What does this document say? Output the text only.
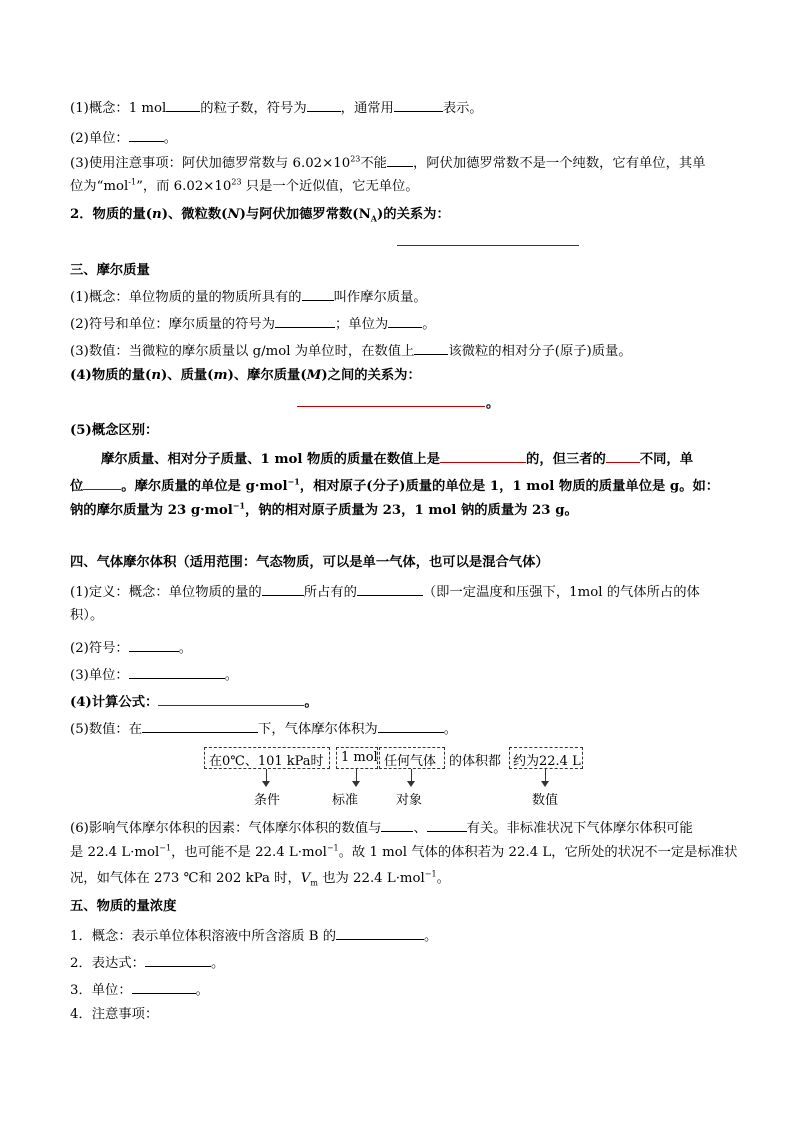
(1)概念：1 mol	的粒子数，符号为	，通常用	表示。
(2)单位：	。
(3)使用注意事项：阿伏加德罗常数与 $6.02\times 10^{23}$不能 ，阿伏加德罗常数不是一个纯数，它有单位，其单
位为“mol$^{-1}$”，而 $6.02\times 10^{23}$ 只是一个近似值，它无单位。
2．物质的量(n)、微粒数(N)与阿伏加德罗常数$(N_A)$的关系为：
三、摩尔质量
(1)概念：单位物质的量的物质所具有的 叫作摩尔质量。
(2)符号和单位：摩尔质量的符号为	；单位为	。
(3)数值：当微粒的摩尔质量以 g/mol 为单位时，在数值上	该微粒的相对分子(原子)质量。
(4)物质的量(n)、质量(m)、摩尔质量(M)之间的关系为：
。
(5)概念区别：
摩尔质量、相对分子质量、1 mol 物质的质量在数值上是	的，但三者的	不同，单
位	。摩尔质量的单位是 g·mol$^{-1}$，相对原子(分子)质量的单位是 1，1 mol 物质的质量单位是 g。如：
钠的摩尔质量为 23 g·mol$^{-1}$，钠的相对原子质量为 23，1 mol 钠的质量为 23 g。
四、气体摩尔体积（适用范围：气态物质，可以是单一气体，也可以是混合气体）
(1)定义：概念：单位物质的量的	所占有的	（即一定温度和压强下，1mol 的气体所占的体
积）。
(2)符号：	。
(3)单位：	。
(4)计算公式：	。
(5)数值：在	下，气体摩尔体积为	。
在0℃、101 kPa时 1 mol 任何气体 的体积都 约为22.4 L
条件	标准	对象	数值
(6)影响气体摩尔体积的因素：气体摩尔体积的数值与 、	有关。非标准状况下气体摩尔体积可能
是 22.4 L·mol$^{-1}$，也可能不是 22.4 L·mol$^{-1}$。故 1 mol 气体的体积若为 22.4 L，它所处的状况不一定是标准状
况，如气体在 273 ℃和 202 kPa 时，$V_m$ 也为 22.4 L·mol$^{-1}$。
五、物质的量浓度
1．概念：表示单位体积溶液中所含溶质 B 的	。
2．表达式：	。
3．单位：	。
4．注意事项：
